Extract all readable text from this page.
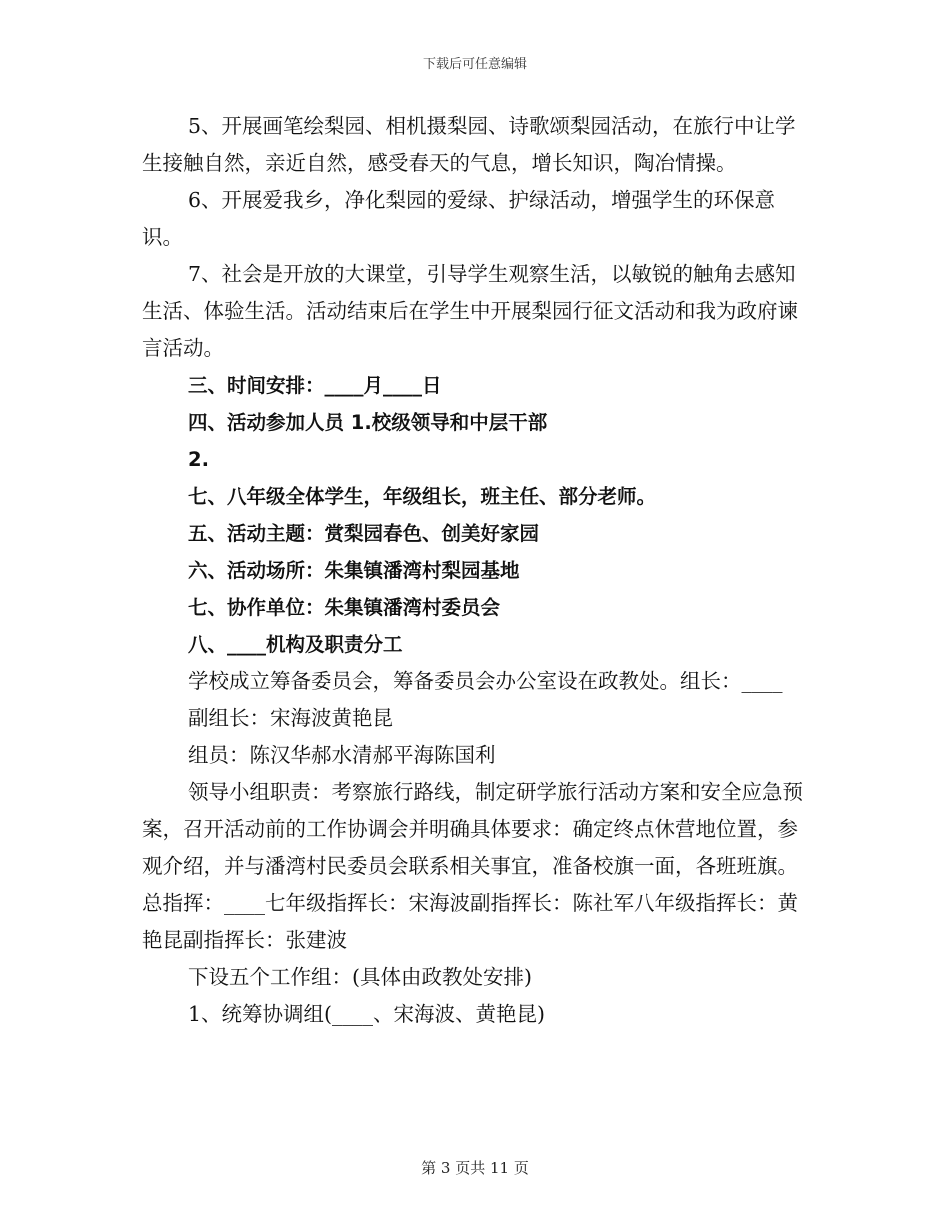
下载后可任意编辑

5、开展画笔绘梨园、相机摄梨园、诗歌颂梨园活动，在旅行中让学生接触自然，亲近自然，感受春天的气息，增长知识，陶冶情操。

6、开展爱我乡，净化梨园的爱绿、护绿活动，增强学生的环保意识。

7、社会是开放的大课堂，引导学生观察生活，以敏锐的触角去感知生活、体验生活。活动结束后在学生中开展梨园行征文活动和我为政府谏言活动。

三、时间安排：____月____日

四、活动参加人员 1.校级领导和中层干部

2.

七、八年级全体学生，年级组长，班主任、部分老师。

五、活动主题：赏梨园春色、创美好家园

六、活动场所：朱集镇潘湾村梨园基地

七、协作单位：朱集镇潘湾村委员会

八、____机构及职责分工

学校成立筹备委员会，筹备委员会办公室设在政教处。组长：____

副组长：宋海波黄艳昆

组员：陈汉华郝水清郝平海陈国利

领导小组职责：考察旅行路线，制定研学旅行活动方案和安全应急预案，召开活动前的工作协调会并明确具体要求：确定终点休营地位置，参观介绍，并与潘湾村民委员会联系相关事宜，准备校旗一面，各班班旗。总指挥：____七年级指挥长：宋海波副指挥长：陈社军八年级指挥长：黄艳昆副指挥长：张建波

下设五个工作组：(具体由政教处安排)

1、统筹协调组(____、宋海波、黄艳昆)

第 3 页共 11 页
